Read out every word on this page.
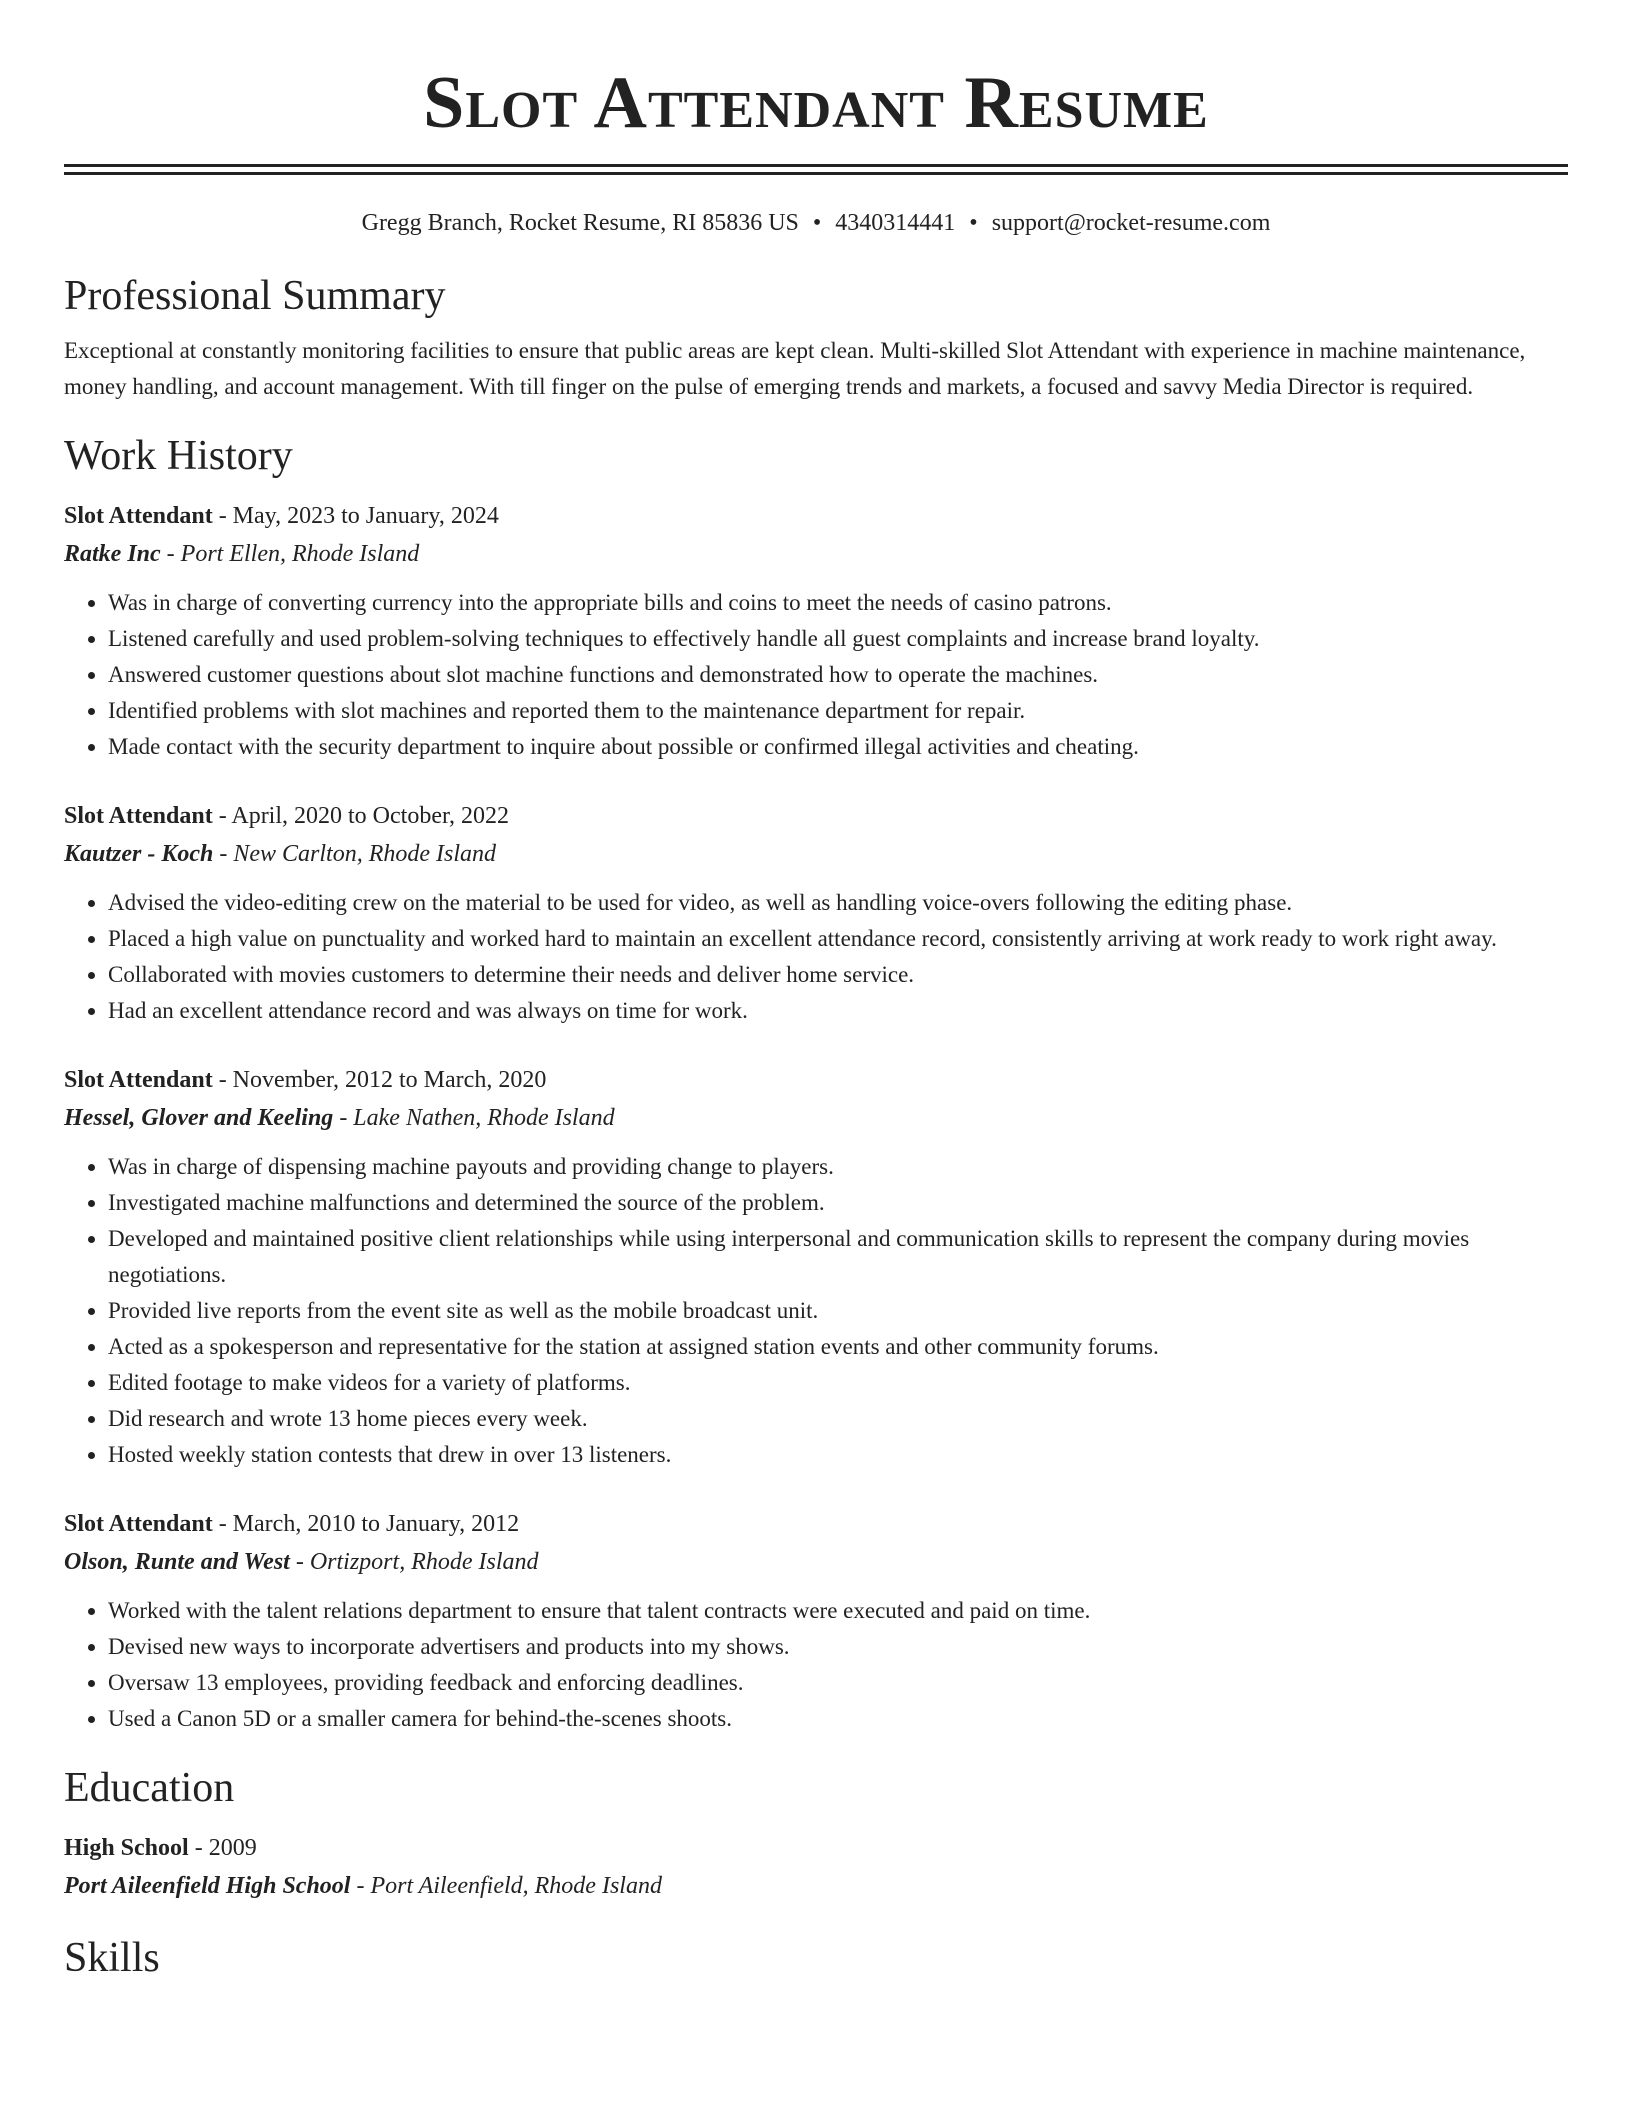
Slot Attendant Resume
Gregg Branch, Rocket Resume, RI 85836 US • 4340314441 • support@rocket-resume.com
Professional Summary
Exceptional at constantly monitoring facilities to ensure that public areas are kept clean. Multi-skilled Slot Attendant with experience in machine maintenance, money handling, and account management. With till finger on the pulse of emerging trends and markets, a focused and savvy Media Director is required.
Work History
Slot Attendant - May, 2023 to January, 2024
Ratke Inc - Port Ellen, Rhode Island
• Was in charge of converting currency into the appropriate bills and coins to meet the needs of casino patrons.
• Listened carefully and used problem-solving techniques to effectively handle all guest complaints and increase brand loyalty.
• Answered customer questions about slot machine functions and demonstrated how to operate the machines.
• Identified problems with slot machines and reported them to the maintenance department for repair.
• Made contact with the security department to inquire about possible or confirmed illegal activities and cheating.
Slot Attendant - April, 2020 to October, 2022
Kautzer - Koch - New Carlton, Rhode Island
• Advised the video-editing crew on the material to be used for video, as well as handling voice-overs following the editing phase.
• Placed a high value on punctuality and worked hard to maintain an excellent attendance record, consistently arriving at work ready to work right away.
• Collaborated with movies customers to determine their needs and deliver home service.
• Had an excellent attendance record and was always on time for work.
Slot Attendant - November, 2012 to March, 2020
Hessel, Glover and Keeling - Lake Nathen, Rhode Island
• Was in charge of dispensing machine payouts and providing change to players.
• Investigated machine malfunctions and determined the source of the problem.
• Developed and maintained positive client relationships while using interpersonal and communication skills to represent the company during movies negotiations.
• Provided live reports from the event site as well as the mobile broadcast unit.
• Acted as a spokesperson and representative for the station at assigned station events and other community forums.
• Edited footage to make videos for a variety of platforms.
• Did research and wrote 13 home pieces every week.
• Hosted weekly station contests that drew in over 13 listeners.
Slot Attendant - March, 2010 to January, 2012
Olson, Runte and West - Ortizport, Rhode Island
• Worked with the talent relations department to ensure that talent contracts were executed and paid on time.
• Devised new ways to incorporate advertisers and products into my shows.
• Oversaw 13 employees, providing feedback and enforcing deadlines.
• Used a Canon 5D or a smaller camera for behind-the-scenes shoots.
Education
High School - 2009
Port Aileenfield High School - Port Aileenfield, Rhode Island
Skills
